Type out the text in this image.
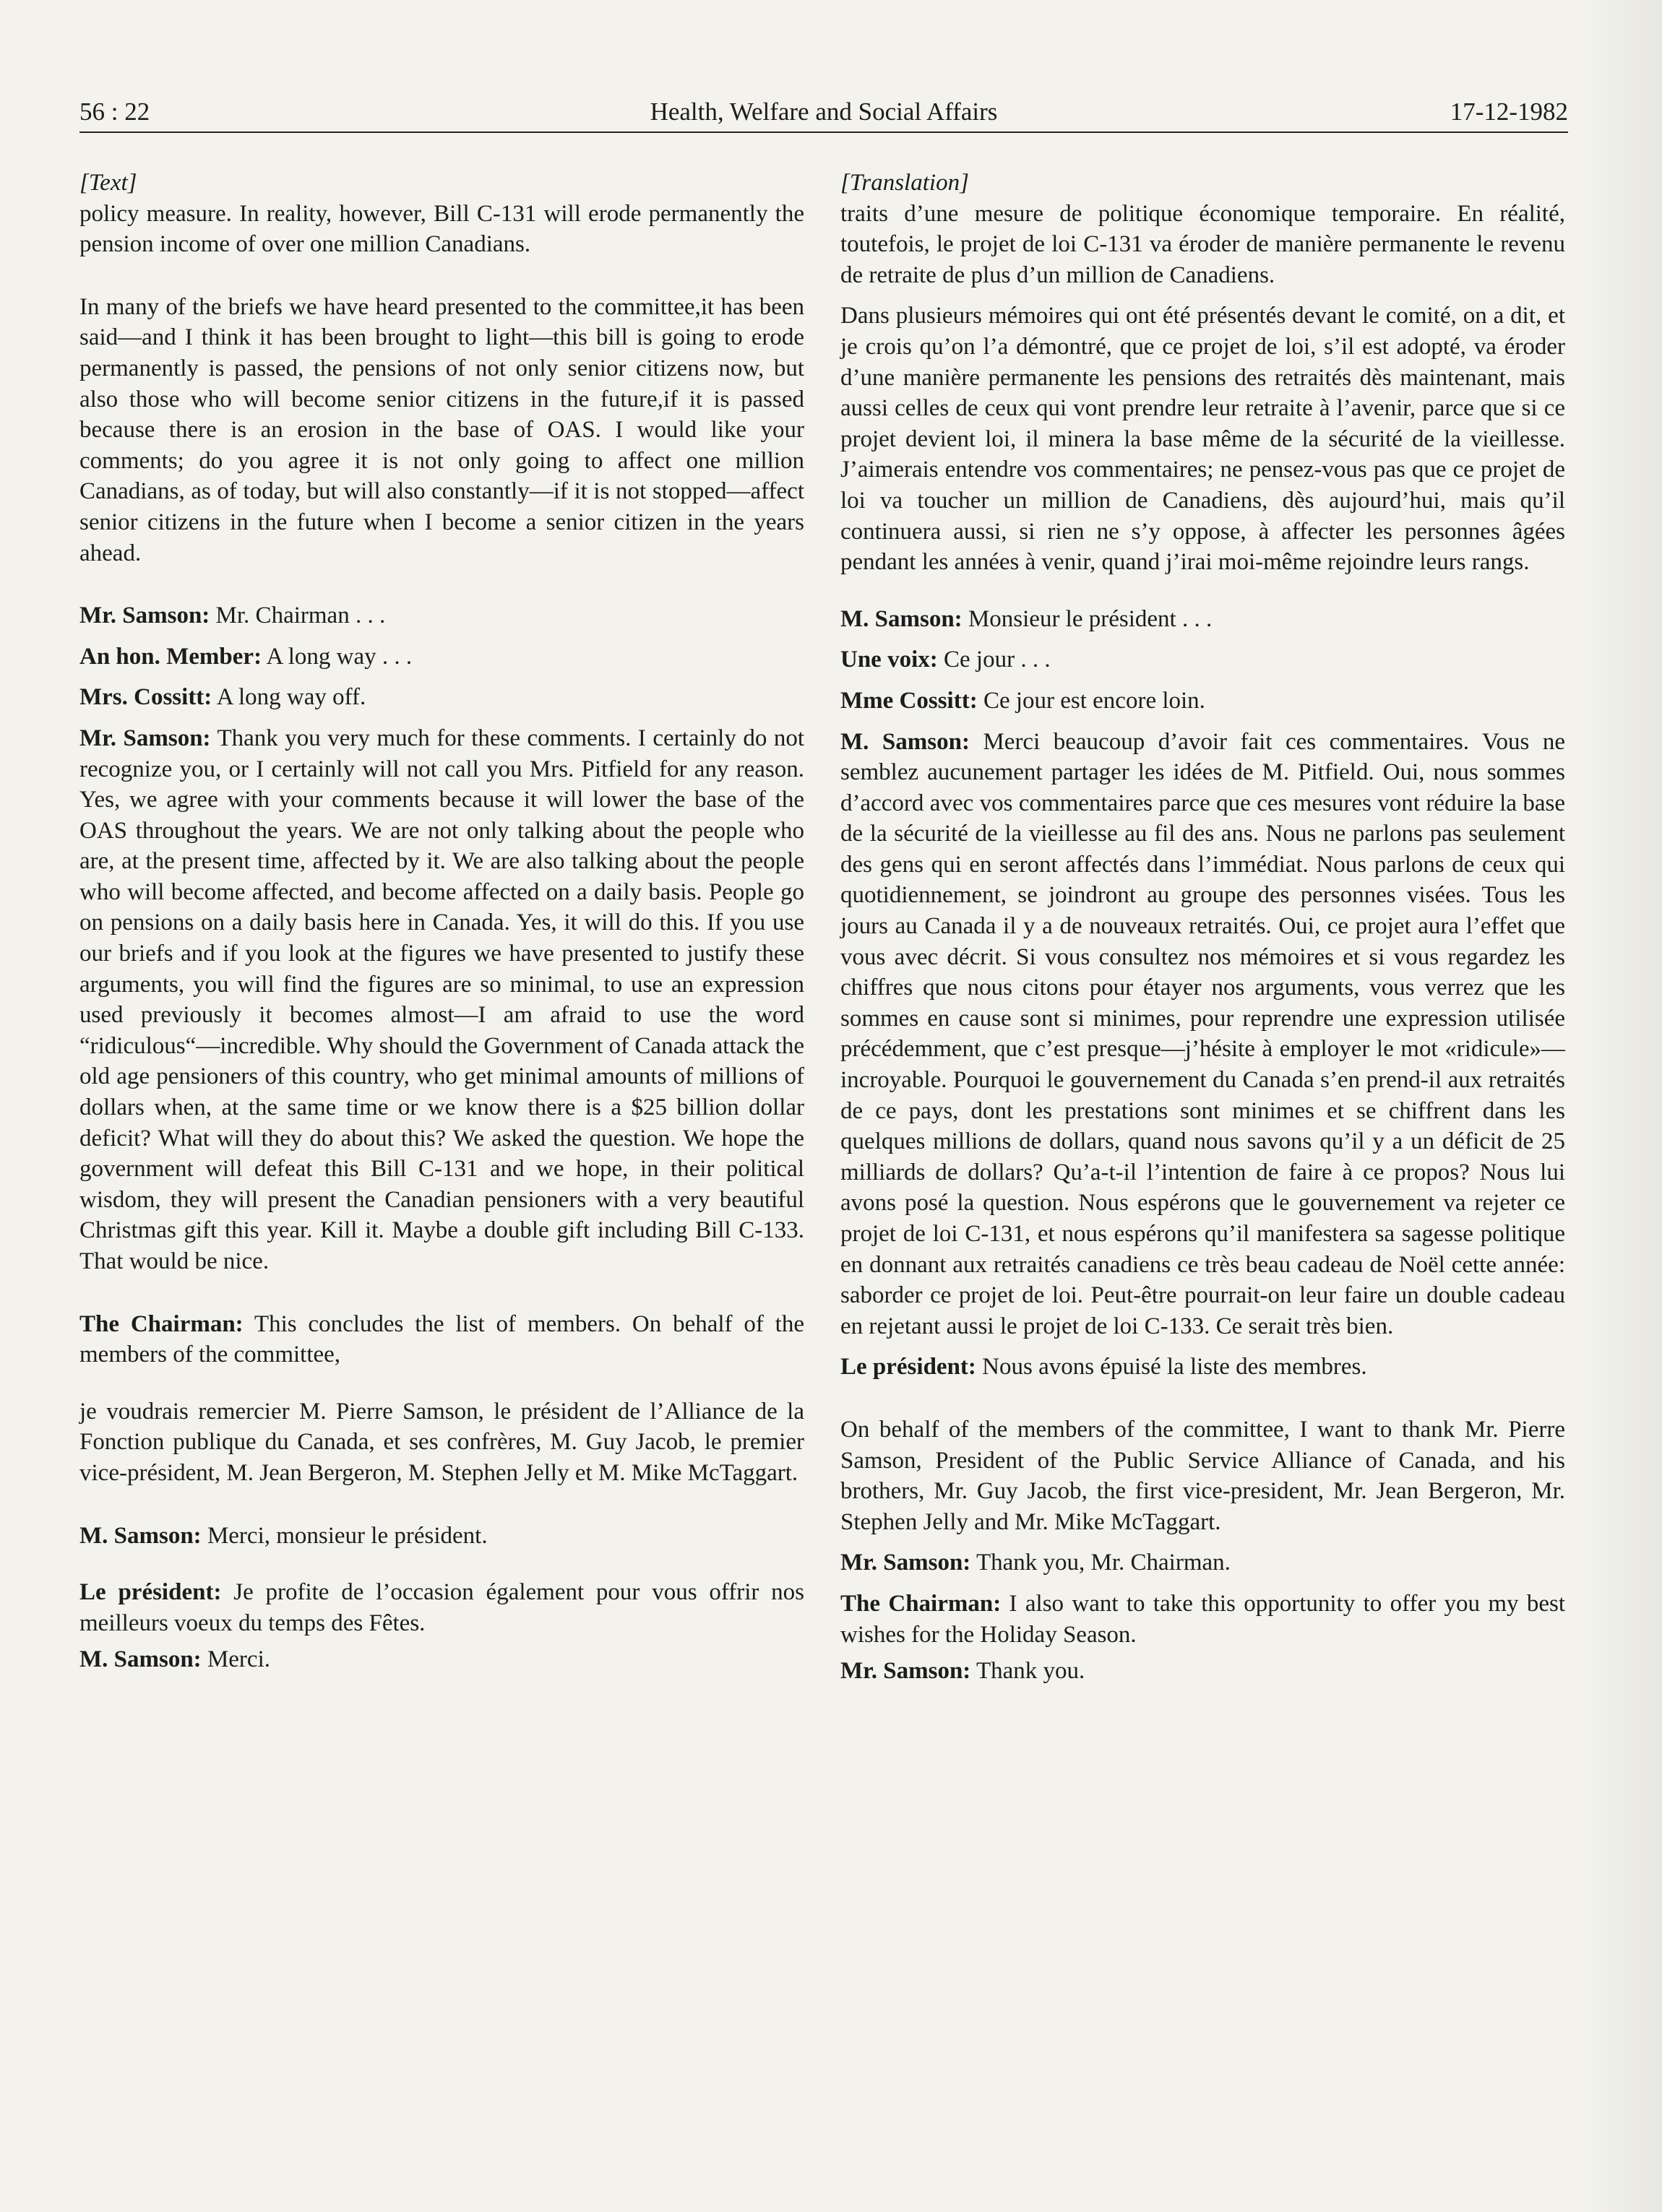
56 : 22	Health, Welfare and Social Affairs	17-12-1982

[Text]

policy measure. In reality, however, Bill C-131 will erode permanently the pension income of over one million Canadians.

In many of the briefs we have heard presented to the committee,it has been said—and I think it has been brought to light—this bill is going to erode permanently is passed, the pensions of not only senior citizens now, but also those who will become senior citizens in the future,if it is passed because there is an erosion in the base of OAS. I would like your comments; do you agree it is not only going to affect one million Canadians, as of today, but will also constantly—if it is not stopped—affect senior citizens in the future when I become a senior citizen in the years ahead.

Mr. Samson: Mr. Chairman . . .

An hon. Member: A long way . . .

Mrs. Cossitt: A long way off.

Mr. Samson: Thank you very much for these comments. I certainly do not recognize you, or I certainly will not call you Mrs. Pitfield for any reason. Yes, we agree with your comments because it will lower the base of the OAS throughout the years. We are not only talking about the people who are, at the present time, affected by it. We are also talking about the people who will become affected, and become affected on a daily basis. People go on pensions on a daily basis here in Canada. Yes, it will do this. If you use our briefs and if you look at the figures we have presented to justify these arguments, you will find the figures are so minimal, to use an expression used previously it becomes almost—I am afraid to use the word “ridiculous“—incredible. Why should the Government of Canada attack the old age pensioners of this country, who get minimal amounts of millions of dollars when, at the same time or we know there is a $25 billion dollar deficit? What will they do about this? We asked the question. We hope the government will defeat this Bill C-131 and we hope, in their political wisdom, they will present the Canadian pensioners with a very beautiful Christmas gift this year. Kill it. Maybe a double gift including Bill C-133. That would be nice.

The Chairman: This concludes the list of members. On behalf of the members of the committee,

je voudrais remercier M. Pierre Samson, le président de l’Alliance de la Fonction publique du Canada, et ses confrères, M. Guy Jacob, le premier vice-président, M. Jean Bergeron, M. Stephen Jelly et M. Mike McTaggart.

M. Samson: Merci, monsieur le président.

Le président: Je profite de l’occasion également pour vous offrir nos meilleurs voeux du temps des Fêtes.

M. Samson: Merci.

[Translation]

traits d’une mesure de politique économique temporaire. En réalité, toutefois, le projet de loi C-131 va éroder de manière permanente le revenu de retraite de plus d’un million de Canadiens.

Dans plusieurs mémoires qui ont été présentés devant le comité, on a dit, et je crois qu’on l’a démontré, que ce projet de loi, s’il est adopté, va éroder d’une manière permanente les pensions des retraités dès maintenant, mais aussi celles de ceux qui vont prendre leur retraite à l’avenir, parce que si ce projet devient loi, il minera la base même de la sécurité de la vieillesse. J’aimerais entendre vos commentaires; ne pensez-vous pas que ce projet de loi va toucher un million de Canadiens, dès aujourd’hui, mais qu’il continuera aussi, si rien ne s’y oppose, à affecter les personnes âgées pendant les années à venir, quand j’irai moi-même rejoindre leurs rangs.

M. Samson: Monsieur le président . . .

Une voix: Ce jour . . .

Mme Cossitt: Ce jour est encore loin.

M. Samson: Merci beaucoup d’avoir fait ces commentaires. Vous ne semblez aucunement partager les idées de M. Pitfield. Oui, nous sommes d’accord avec vos commentaires parce que ces mesures vont réduire la base de la sécurité de la vieillesse au fil des ans. Nous ne parlons pas seulement des gens qui en seront affectés dans l’immédiat. Nous parlons de ceux qui quotidiennement, se joindront au groupe des personnes visées. Tous les jours au Canada il y a de nouveaux retraités. Oui, ce projet aura l’effet que vous avec décrit. Si vous consultez nos mémoires et si vous regardez les chiffres que nous citons pour étayer nos arguments, vous verrez que les sommes en cause sont si minimes, pour reprendre une expression utilisée précédemment, que c’est presque—j’hésite à employer le mot «ridicule»—incroyable. Pourquoi le gouvernement du Canada s’en prend-il aux retraités de ce pays, dont les prestations sont minimes et se chiffrent dans les quelques millions de dollars, quand nous savons qu’il y a un déficit de 25 milliards de dollars? Qu’a-t-il l’intention de faire à ce propos? Nous lui avons posé la question. Nous espérons que le gouvernement va rejeter ce projet de loi C-131, et nous espérons qu’il manifestera sa sagesse politique en donnant aux retraités canadiens ce très beau cadeau de Noël cette année: saborder ce projet de loi. Peut-être pourrait-on leur faire un double cadeau en rejetant aussi le projet de loi C-133. Ce serait très bien.

Le président: Nous avons épuisé la liste des membres.

On behalf of the members of the committee, I want to thank Mr. Pierre Samson, President of the Public Service Alliance of Canada, and his brothers, Mr. Guy Jacob, the first vice-president, Mr. Jean Bergeron, Mr. Stephen Jelly and Mr. Mike McTaggart.

Mr. Samson: Thank you, Mr. Chairman.

The Chairman: I also want to take this opportunity to offer you my best wishes for the Holiday Season.

Mr. Samson: Thank you.
